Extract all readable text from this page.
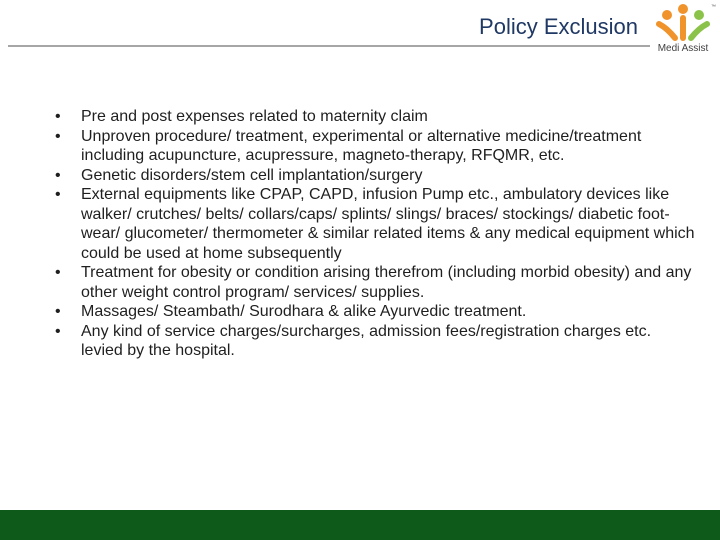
Policy Exclusion
™
Medi Assist
• Pre and post expenses related to maternity claim
• Unproven procedure/ treatment, experimental or alternative medicine/treatment including acupuncture, acupressure, magneto-therapy, RFQMR, etc.
• Genetic disorders/stem cell implantation/surgery
• External equipments like CPAP, CAPD, infusion Pump etc., ambulatory devices like walker/ crutches/ belts/ collars/caps/ splints/ slings/ braces/ stockings/ diabetic foot-wear/ glucometer/ thermometer & similar related items & any medical equipment which could be used at home subsequently
• Treatment for obesity or condition arising therefrom (including morbid obesity) and any other weight control program/ services/ supplies.
• Massages/ Steambath/ Surodhara & alike Ayurvedic treatment.
• Any kind of service charges/surcharges, admission fees/registration charges etc. levied by the hospital.
